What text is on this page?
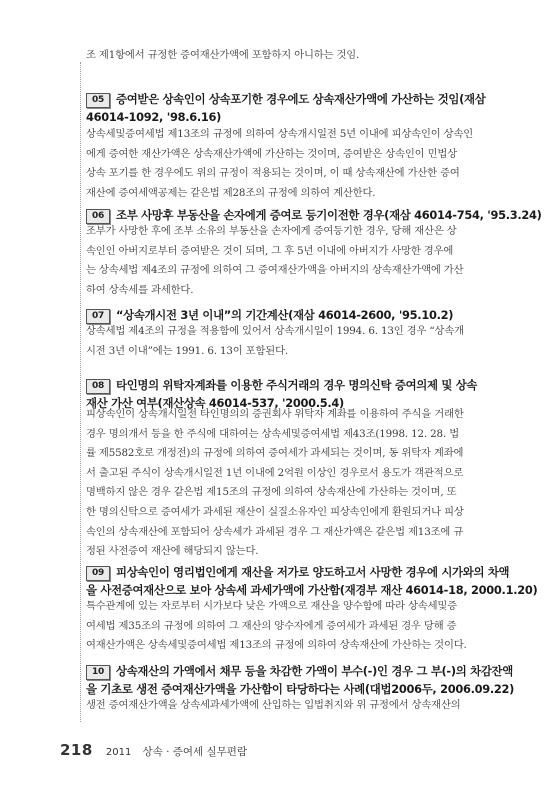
조 제1항에서 규정한 증여재산가액에 포함하지 아니하는 것임.
05 증여받은 상속인이 상속포기한 경우에도 상속재산가액에 가산하는 것임(재삼
46014-1092, '98.6.16)
상속세및증여세법 제13조의 규정에 의하여 상속개시일전 5년 이내에 피상속인이 상속인
에게 증여한 재산가액은 상속재산가액에 가산하는 것이며, 증여받은 상속인이 민법상
상속 포기를 한 경우에도 위의 규정이 적용되는 것이며, 이 때 상속재산에 가산한 증여
재산에 증여세액공제는 같은법 제28조의 규정에 의하여 계산한다.
06 조부 사망후 부동산을 손자에게 증여로 등기이전한 경우(재삼 46014-754, '95.3.24)
조부가 사망한 후에 조부 소유의 부동산을 손자에게 증여등기한 경우, 당해 재산은 상
속인인 아버지로부터 증여받은 것이 되며, 그 후 5년 이내에 아버지가 사망한 경우에
는 상속세법 제4조의 규정에 의하여 그 증여재산가액을 아버지의 상속재산가액에 가산
하여 상속세를 과세한다.
07 “상속개시전 3년 이내”의 기간계산(재삼 46014-2600, '95.10.2)
상속세법 제4조의 규정을 적용함에 있어서 상속개시일이 1994. 6. 13인 경우 “상속개
시전 3년 이내”에는 1991. 6. 13이 포함된다.
08 타인명의 위탁자계좌를 이용한 주식거래의 경우 명의신탁 증여의제 및 상속
재산 가산 여부(재산상속 46014-537, '2000.5.4)
피상속인이 상속개시일전 타인명의의 증권회사 위탁자 계좌를 이용하여 주식을 거래한
경우 명의개서 등을 한 주식에 대하여는 상속세및증여세법 제43조(1998. 12. 28. 법
률 제5582호로 개정전)의 규정에 의하여 증여세가 과세되는 것이며, 동 위탁자 계좌에
서 출고된 주식이 상속개시일전 1년 이내에 2억원 이상인 경우로서 용도가 객관적으로
명백하지 않은 경우 같은법 제15조의 규정에 의하여 상속재산에 가산하는 것이며, 또
한 명의신탁으로 증여세가 과세된 재산이 실질소유자인 피상속인에게 환원되거나 피상
속인의 상속재산에 포함되어 상속세가 과세된 경우 그 재산가액은 같은법 제13조에 규
정된 사전증여 재산에 해당되지 않는다.
09 피상속인이 영리법인에게 재산을 저가로 양도하고서 사망한 경우에 시가와의 차액
을 사전증여재산으로 보아 상속세 과세가액에 가산함(재경부 재산 46014-18, 2000.1.20)
특수관계에 있는 자로부터 시가보다 낮은 가액으로 재산을 양수함에 따라 상속세및증
여세법 제35조의 규정에 의하여 그 재산의 양수자에게 증여세가 과세된 경우 당해 증
여재산가액은 상속세및증여세법 제13조의 규정에 의하여 상속재산에 가산하는 것이다.
10 상속재산의 가액에서 채무 등을 차감한 가액이 부수(-)인 경우 그 부(-)의 차감잔액
을 기초로 생전 증여재산가액을 가산함이 타당하다는 사례(대법2006두, 2006.09.22)
생전 증여재산가액을 상속세과세가액에 산입하는 입법취지와 위 규정에서 상속재산의
218 2011 상속 · 증여세 실무편람
